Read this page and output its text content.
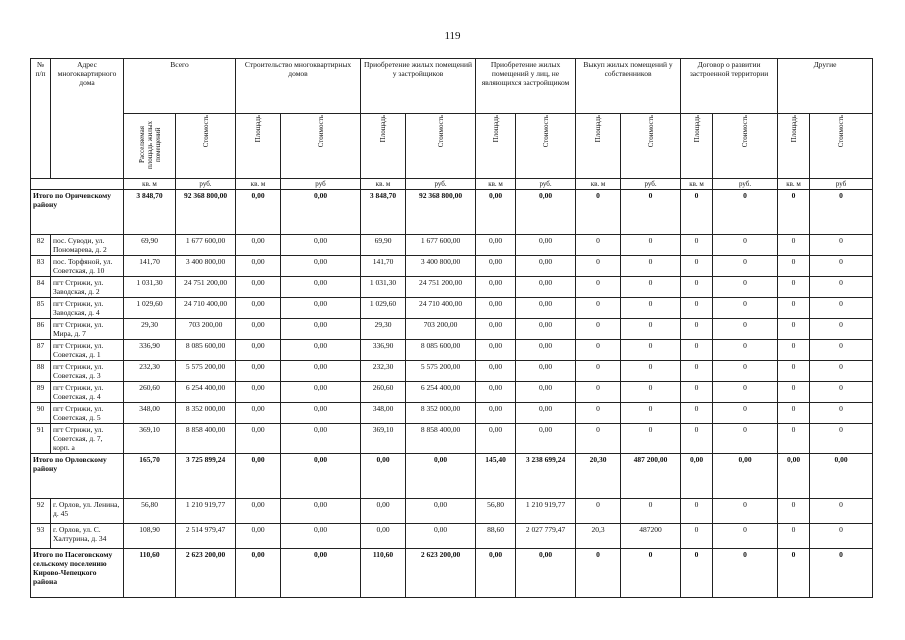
119
№ п/п	Адрес многоквартирного дома	Всего		Строительство многоквартирных домов		Приобретение жилых помещений у застройщиков		Приобретение жилых помещений у лиц, не являющихся застройщиком		Выкуп жилых помещений у собственников		Договор о развитии застроенной территории		Другие	
		Расселяемая площадь жилых помещений	Стоимость	Площадь	Стоимость	Площадь	Стоимость	Площадь	Стоимость	Площадь	Стоимость	Площадь	Стоимость	Площадь	Стоимость
		кв. м	руб.	кв. м	руб	кв. м	руб.	кв. м	руб.	кв. м	руб.	кв. м	руб.	кв. м	руб
Итого по Оричевскому району		3 848,70	92 368 800,00	0,00	0,00	3 848,70	92 368 800,00	0,00	0,00	0	0	0	0	0	0
82	пос. Суводи, ул. Пономарева, д. 2	69,90	1 677 600,00	0,00	0,00	69,90	1 677 600,00	0,00	0,00	0	0	0	0	0	0
83	пос. Торфяной, ул. Советская, д. 10	141,70	3 400 800,00	0,00	0,00	141,70	3 400 800,00	0,00	0,00	0	0	0	0	0	0
84	пгт Стрижи, ул. Заводская, д. 2	1 031,30	24 751 200,00	0,00	0,00	1 031,30	24 751 200,00	0,00	0,00	0	0	0	0	0	0
85	пгт Стрижи, ул. Заводская, д. 4	1 029,60	24 710 400,00	0,00	0,00	1 029,60	24 710 400,00	0,00	0,00	0	0	0	0	0	0
86	пгт Стрижи, ул. Мира, д. 7	29,30	703 200,00	0,00	0,00	29,30	703 200,00	0,00	0,00	0	0	0	0	0	0
87	пгт Стрижи, ул. Советская, д. 1	336,90	8 085 600,00	0,00	0,00	336,90	8 085 600,00	0,00	0,00	0	0	0	0	0	0
88	пгт Стрижи, ул. Советская, д. 3	232,30	5 575 200,00	0,00	0,00	232,30	5 575 200,00	0,00	0,00	0	0	0	0	0	0
89	пгт Стрижи, ул. Советская, д. 4	260,60	6 254 400,00	0,00	0,00	260,60	6 254 400,00	0,00	0,00	0	0	0	0	0	0
90	пгт Стрижи, ул. Советская, д. 5	348,00	8 352 000,00	0,00	0,00	348,00	8 352 000,00	0,00	0,00	0	0	0	0	0	0
91	пгт Стрижи, ул. Советская, д. 7, корп. а	369,10	8 858 400,00	0,00	0,00	369,10	8 858 400,00	0,00	0,00	0	0	0	0	0	0
Итого по Орловскому району		165,70	3 725 899,24	0,00	0,00	0,00	0,00	145,40	3 238 699,24	20,30	487 200,00	0,00	0,00	0,00	0,00
92	г. Орлов, ул. Ленина, д. 45	56,80	1 210 919,77	0,00	0,00	0,00	0,00	56,80	1 210 919,77	0	0	0	0	0	0
93	г. Орлов, ул. С. Халтурина, д. 34	108,90	2 514 979,47	0,00	0,00	0,00	0,00	88,60	2 027 779,47	20,3	487200	0	0	0	0
Итого по Пасеговскому сельскому поселению Кирово-Чепецкого района		110,60	2 623 200,00	0,00	0,00	110,60	2 623 200,00	0,00	0,00	0	0	0	0	0	0
